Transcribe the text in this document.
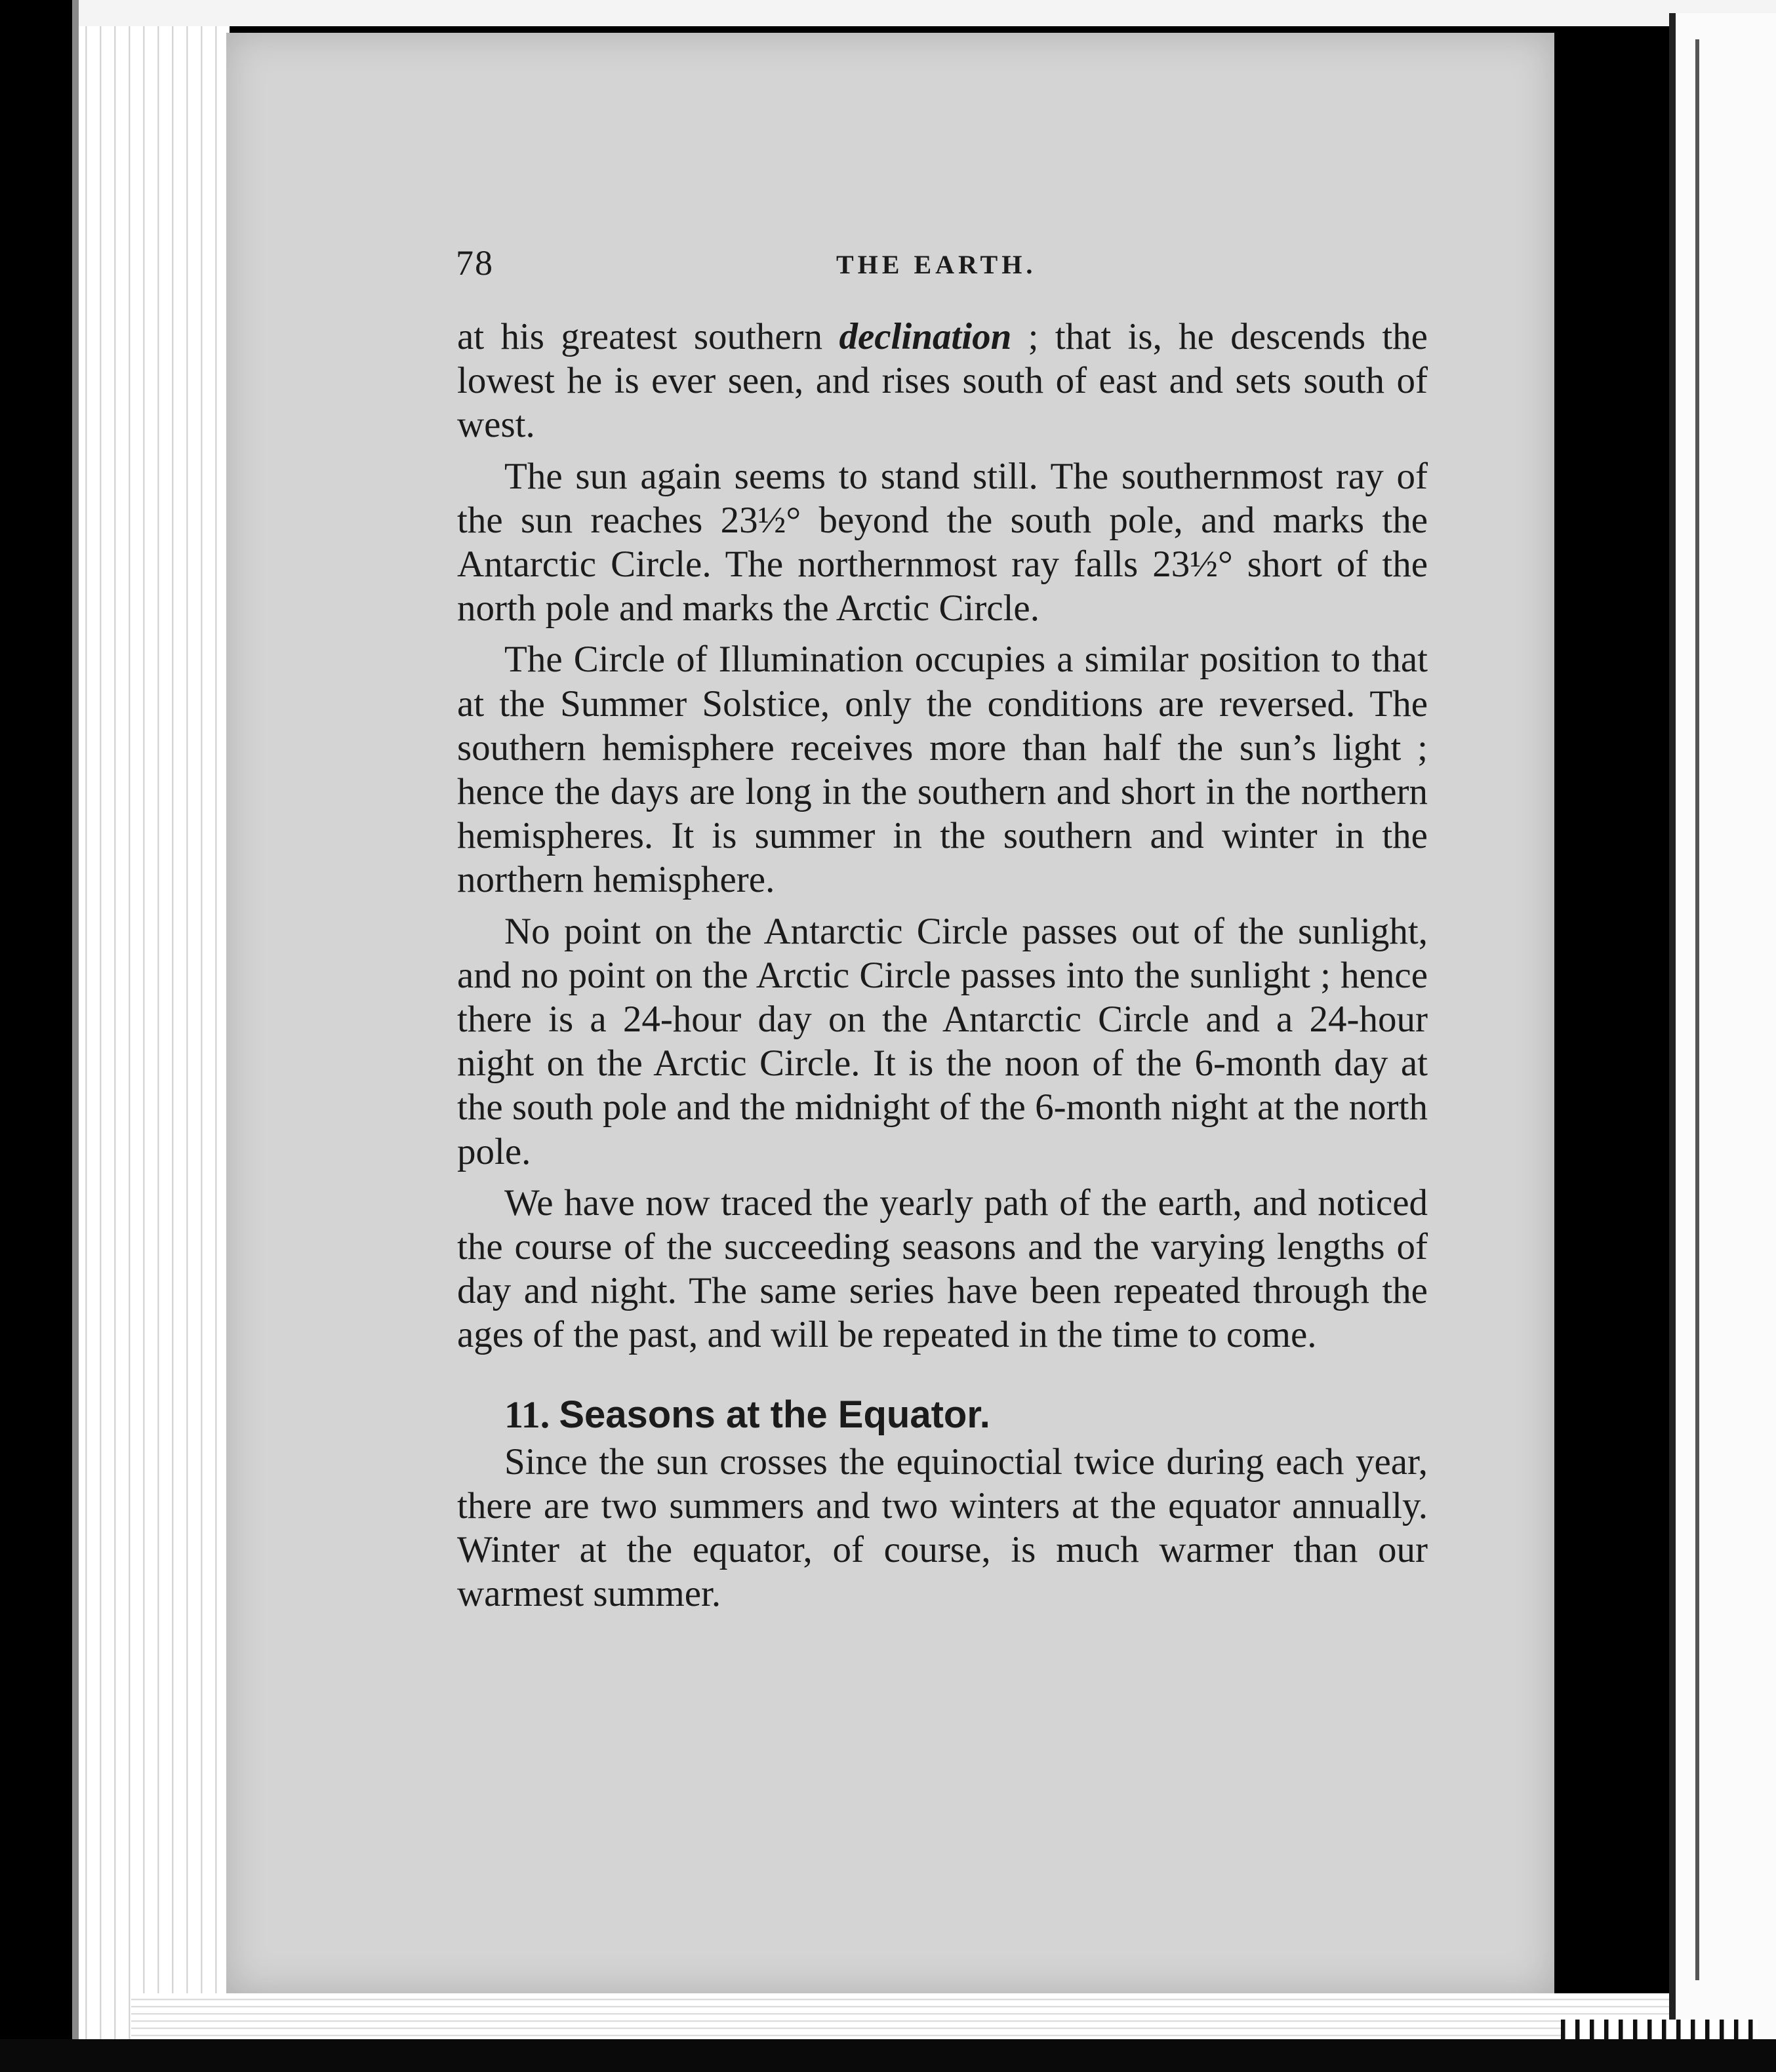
78	THE EARTH.

at his greatest southern declination ; that is, he descends the lowest he is ever seen, and rises south of east and sets south of west.

The sun again seems to stand still. The southernmost ray of the sun reaches 23½° beyond the south pole, and marks the Antarctic Circle. The northernmost ray falls 23½° short of the north pole and marks the Arctic Circle.

The Circle of Illumination occupies a similar position to that at the Summer Solstice, only the conditions are reversed. The southern hemisphere receives more than half the sun’s light ; hence the days are long in the southern and short in the northern hemispheres. It is summer in the southern and winter in the northern hemisphere.

No point on the Antarctic Circle passes out of the sunlight, and no point on the Arctic Circle passes into the sunlight ; hence there is a 24-hour day on the Antarctic Circle and a 24-hour night on the Arctic Circle. It is the noon of the 6-month day at the south pole and the midnight of the 6-month night at the north pole.

We have now traced the yearly path of the earth, and noticed the course of the succeeding seasons and the varying lengths of day and night. The same series have been repeated through the ages of the past, and will be repeated in the time to come.

11. Seasons at the Equator.

Since the sun crosses the equinoctial twice during each year, there are two summers and two winters at the equator annually. Winter at the equator, of course, is much warmer than our warmest summer.
